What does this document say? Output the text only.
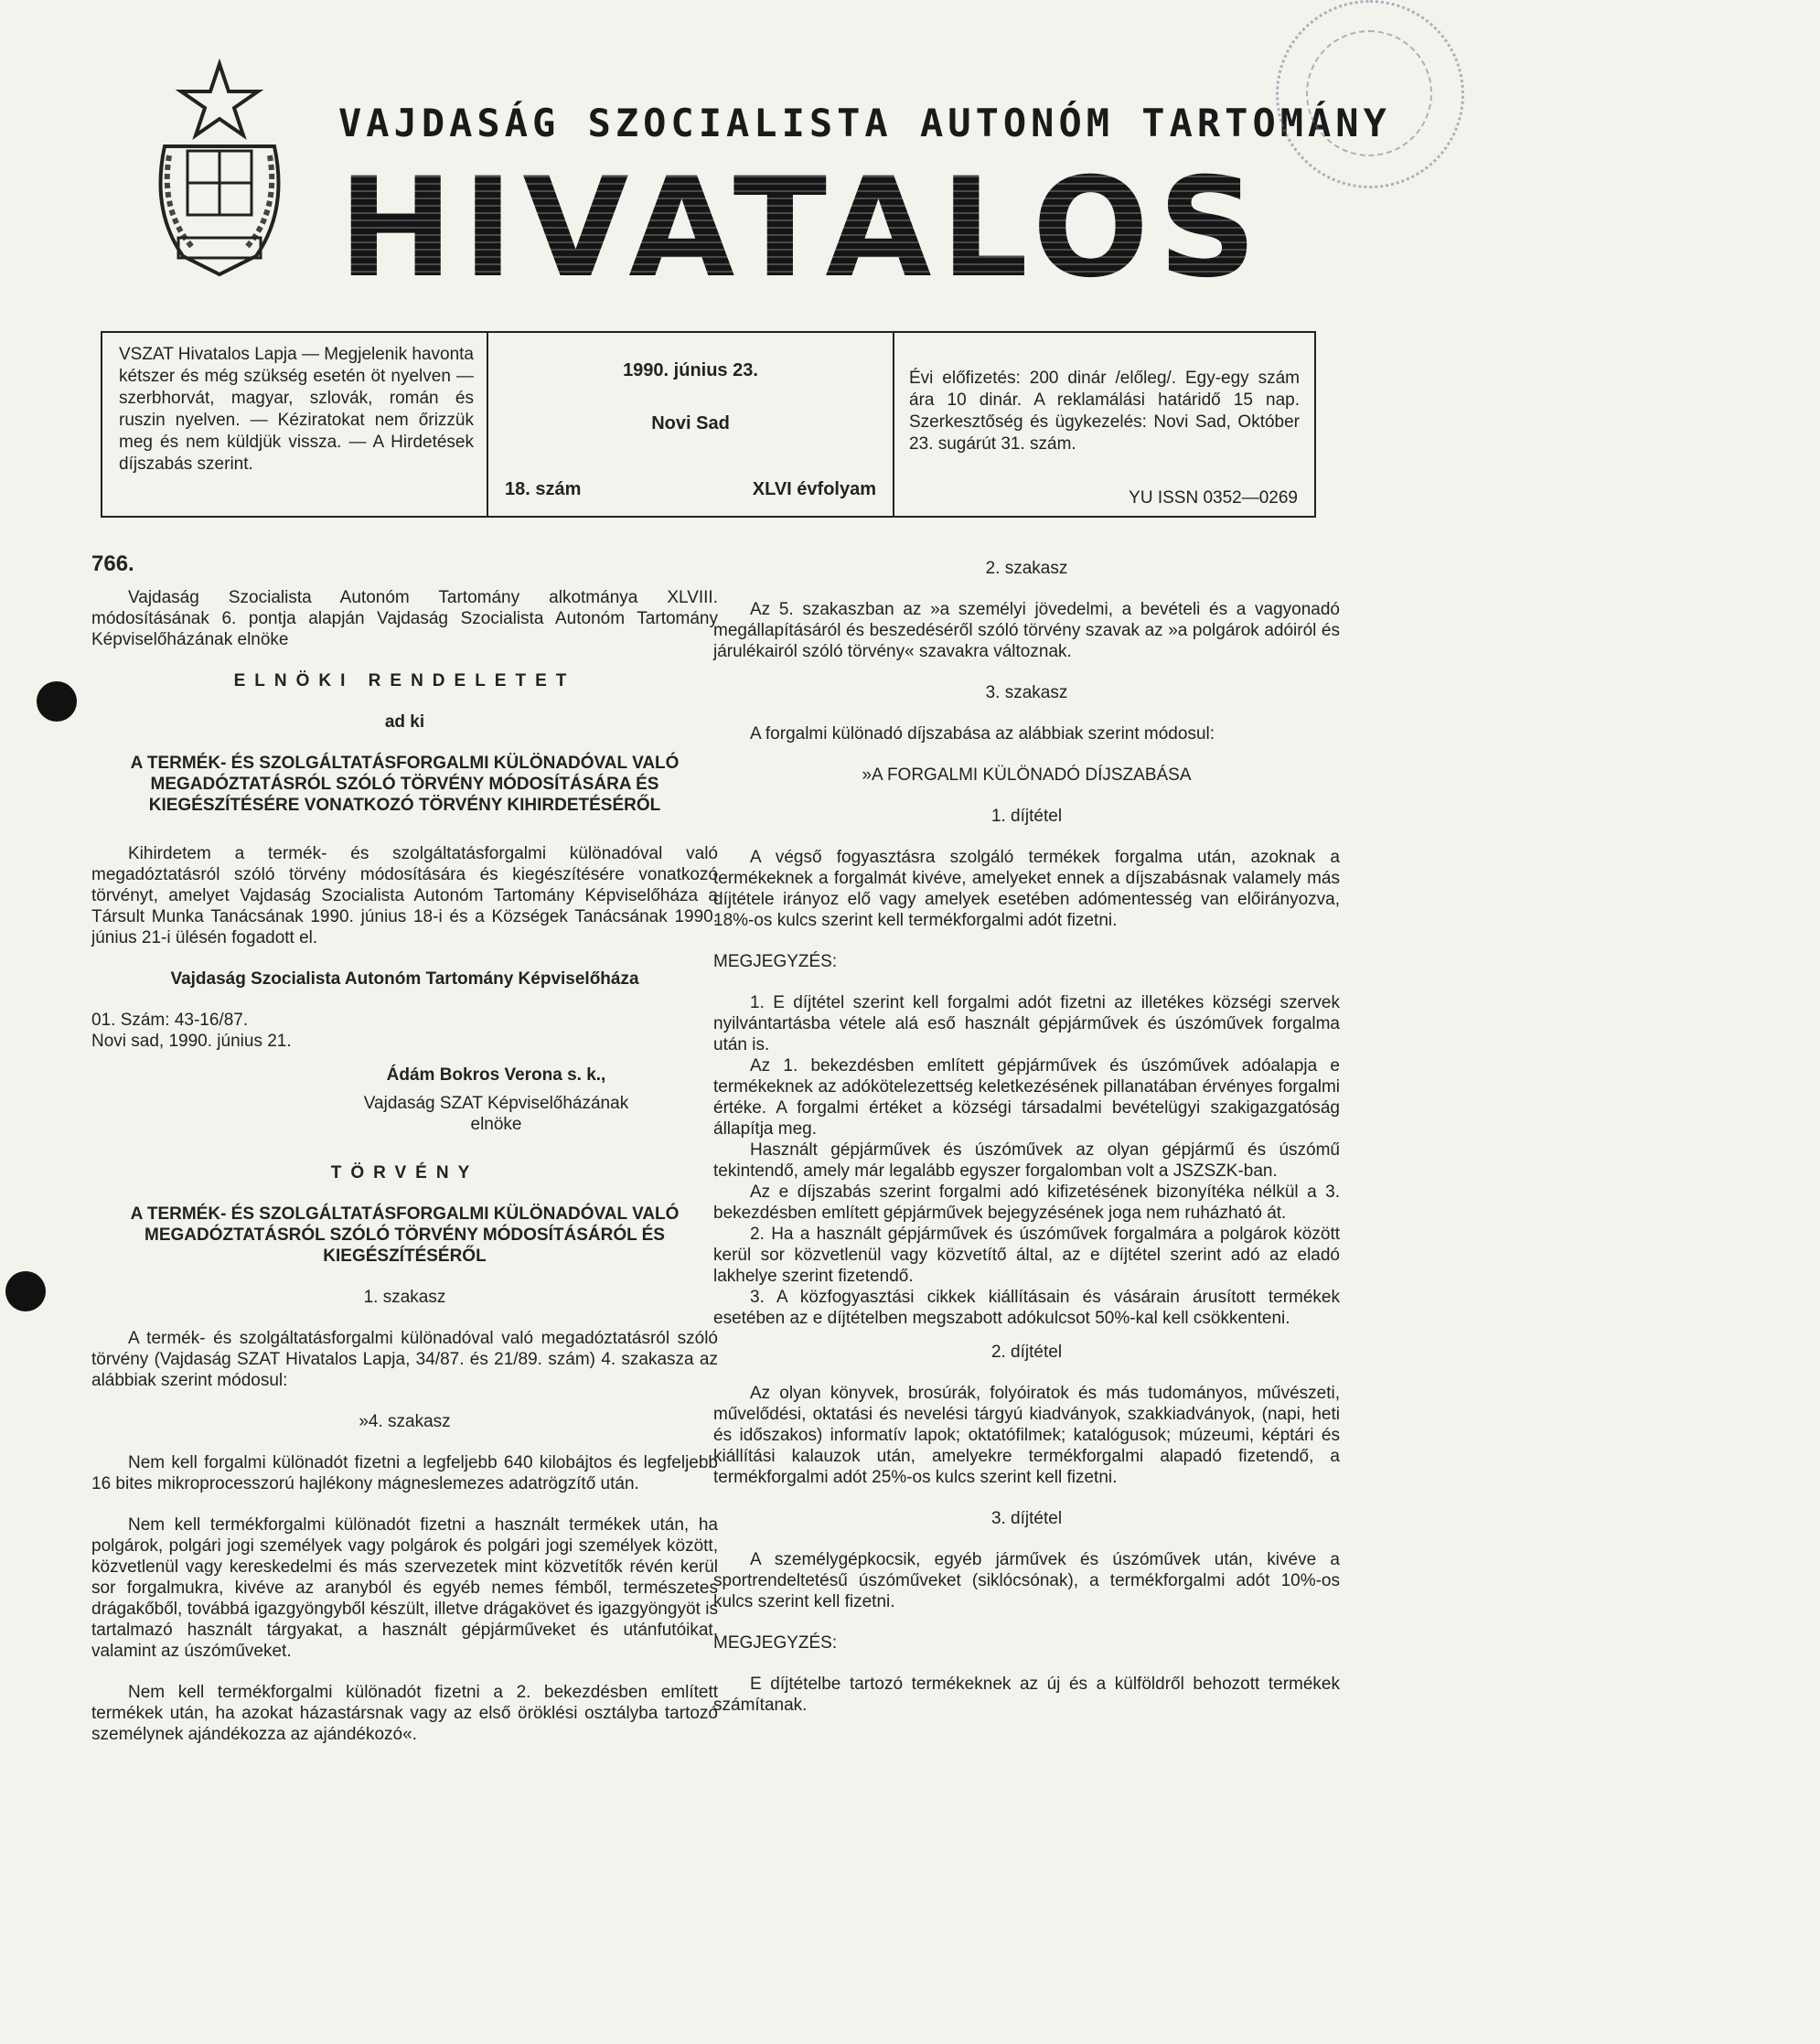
VAJDASÁG SZOCIALISTA AUTONÓM TARTOMÁNY
HIVATALOS LAPJA

VSZAT Hivatalos Lapja — Megjelenik havonta kétszer és még szükség esetén öt nyelven — szerbhorvát, magyar, szlovák, román és ruszin nyelven. — Kéziratokat nem őrizzük meg és nem küldjük vissza. — A Hirdetések díjszabás szerint.

1990. június 23.
Novi Sad
18. szám	XLVI évfolyam

Évi előfizetés: 200 dinár /előleg/. Egy-egy szám ára 10 dinár. A reklamálási határidő 15 nap. Szerkesztőség és ügykezelés: Novi Sad, Október 23. sugárút 31. szám.

YU ISSN 0352—0269

766.

Vajdaság Szocialista Autonóm Tartomány alkotmánya XLVIII. módosításának 6. pontja alapján Vajdaság Szocialista Autonóm Tartomány Képviselőházának elnöke

ELNÖKI RENDELETET

ad ki

A TERMÉK- ÉS SZOLGÁLTATÁSFORGALMI KÜLÖNADÓVAL VALÓ MEGADÓZTATÁSRÓL SZÓLÓ TÖRVÉNY MÓDOSÍTÁSÁRA ÉS KIEGÉSZÍTÉSÉRE VONATKOZÓ TÖRVÉNY KIHIRDETÉSÉRŐL

Kihirdetem a termék- és szolgáltatásforgalmi különadóval való megadóztatásról szóló törvény módosítására és kiegészítésére vonatkozó törvényt, amelyet Vajdaság Szocialista Autonóm Tartomány Képviselőháza a Társult Munka Tanácsának 1990. június 18-i és a Községek Tanácsának 1990. június 21-i ülésén fogadott el.

Vajdaság Szocialista Autonóm Tartomány Képviselőháza

01. Szám: 43-16/87.

Novi sad, 1990. június 21.

Ádám Bokros Verona s. k.,

Vajdaság SZAT Képviselőházának

elnöke

TÖRVÉNY

A TERMÉK- ÉS SZOLGÁLTATÁSFORGALMI KÜLÖNADÓVAL VALÓ MEGADÓZTATÁSRÓL SZÓLÓ TÖRVÉNY MÓDOSÍTÁSÁRÓL ÉS KIEGÉSZÍTÉSÉRŐL

1. szakasz

A termék- és szolgáltatásforgalmi különadóval való megadóztatásról szóló törvény (Vajdaság SZAT Hivatalos Lapja, 34/87. és 21/89. szám) 4. szakasza az alábbiak szerint módosul:

»4. szakasz

Nem kell forgalmi különadót fizetni a legfeljebb 640 kilobájtos és legfeljebb 16 bites mikroprocesszorú hajlékony mágneslemezes adatrögzítő után.

Nem kell termékforgalmi különadót fizetni a használt termékek után, ha polgárok, polgári jogi személyek vagy polgárok és polgári jogi személyek között, közvetlenül vagy kereskedelmi és más szervezetek mint közvetítők révén kerül sor forgalmukra, kivéve az aranyból és egyéb nemes fémből, természetes drágakőből, továbbá igazgyöngyből készült, illetve drágakövet és igazgyöngyöt is tartalmazó használt tárgyakat, a használt gépjárműveket és utánfutóikat, valamint az úszóműveket.

Nem kell termékforgalmi különadót fizetni a 2. bekezdésben említett termékek után, ha azokat házastársnak vagy az első öröklési osztályba tartozó személynek ajándékozza az ajándékozó«.

2. szakasz

Az 5. szakaszban az »a személyi jövedelmi, a bevételi és a vagyonadó megállapításáról és beszedéséről szóló törvény szavak az »a polgárok adóiról és járulékairól szóló törvény« szavakra változnak.

3. szakasz

A forgalmi különadó díjszabása az alábbiak szerint módosul:

»A FORGALMI KÜLÖNADÓ DÍJSZABÁSA

1. díjtétel

A végső fogyasztásra szolgáló termékek forgalma után, azoknak a termékeknek a forgalmát kivéve, amelyeket ennek a díjszabásnak valamely más díjtétele irányoz elő vagy amelyek esetében adómentesség van előirányozva, 18%-os kulcs szerint kell termékforgalmi adót fizetni.

MEGJEGYZÉS:

1. E díjtétel szerint kell forgalmi adót fizetni az illetékes községi szervek nyilvántartásba vétele alá eső használt gépjárművek és úszóművek forgalma után is.

Az 1. bekezdésben említett gépjárművek és úszóművek adóalapja e termékeknek az adókötelezettség keletkezésének pillanatában érvényes forgalmi értéke. A forgalmi értéket a községi társadalmi bevételügyi szakigazgatóság állapítja meg.

Használt gépjárművek és úszóművek az olyan gépjármű és úszómű tekintendő, amely már legalább egyszer forgalomban volt a JSZSZK-ban.

Az e díjszabás szerint forgalmi adó kifizetésének bizonyítéka nélkül a 3. bekezdésben említett gépjárművek bejegyzésének joga nem ruházható át.

2. Ha a használt gépjárművek és úszóművek forgalmára a polgárok között kerül sor közvetlenül vagy közvetítő által, az e díjtétel szerint adó az eladó lakhelye szerint fizetendő.

3. A közfogyasztási cikkek kiállításain és vásárain árusított termékek esetében az e díjtételben megszabott adókulcsot 50%-kal kell csökkenteni.

2. díjtétel

Az olyan könyvek, brosúrák, folyóiratok és más tudományos, művészeti, művelődési, oktatási és nevelési tárgyú kiadványok, szakkiadványok, (napi, heti és időszakos) informatív lapok; oktatófilmek; katalógusok; múzeumi, képtári és kiállítási kalauzok után, amelyekre termékforgalmi alapadó fizetendő, a termékforgalmi adót 25%-os kulcs szerint kell fizetni.

3. díjtétel

A személygépkocsik, egyéb járművek és úszóművek után, kivéve a sportrendeltetésű úszóműveket (siklócsónak), a termékforgalmi adót 10%-os kulcs szerint kell fizetni.

MEGJEGYZÉS:

E díjtételbe tartozó termékeknek az új és a külföldről behozott termékek számítanak.
